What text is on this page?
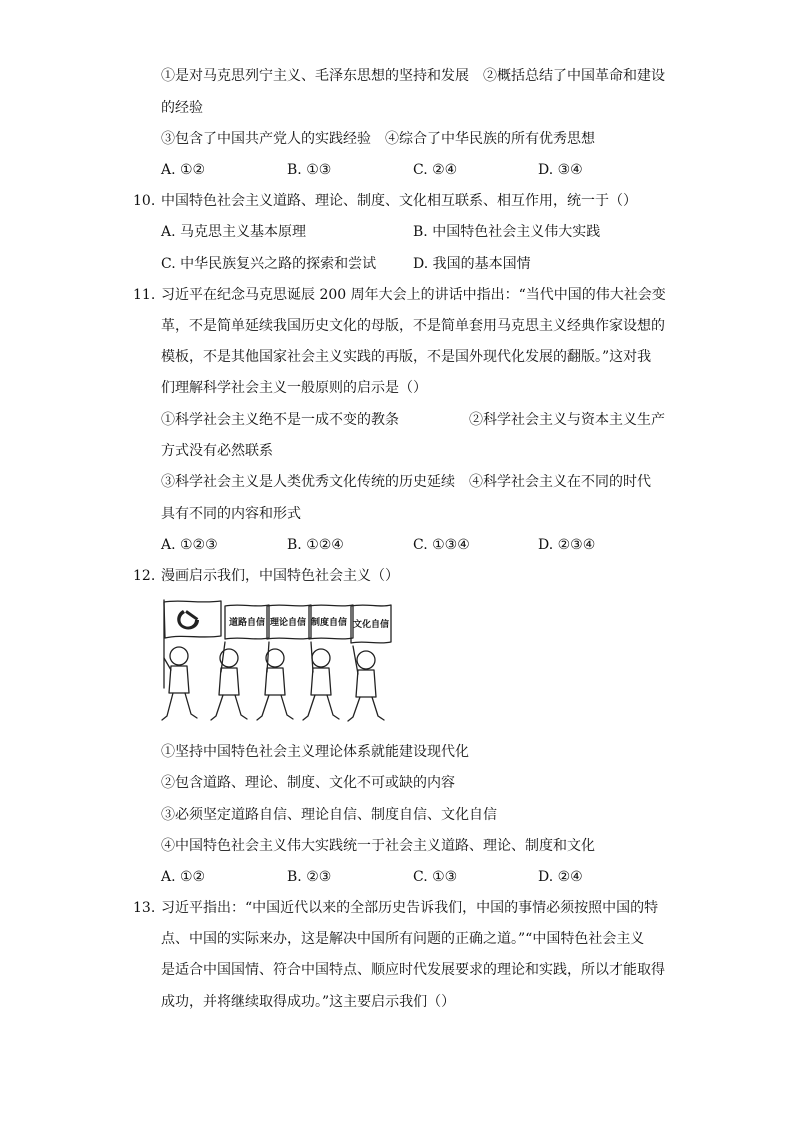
①是对马克思列宁主义、毛泽东思想的坚持和发展　②概括总结了中国革命和建设
的经验
③包含了中国共产党人的实践经验　④综合了中华民族的所有优秀思想
A. ①②	B. ①③	C. ②④	D. ③④
10. 中国特色社会主义道路、理论、制度、文化相互联系、相互作用，统一于（）
A. 马克思主义基本原理	B. 中国特色社会主义伟大实践
C. 中华民族复兴之路的探索和尝试	D. 我国的基本国情
11. 习近平在纪念马克思诞辰 200 周年大会上的讲话中指出：“当代中国的伟大社会变
革，不是简单延续我国历史文化的母版，不是简单套用马克思主义经典作家设想的
模板，不是其他国家社会主义实践的再版，不是国外现代化发展的翻版。”这对我
们理解科学社会主义一般原则的启示是（）
①科学社会主义绝不是一成不变的教条　　　　　②科学社会主义与资本主义生产
方式没有必然联系
③科学社会主义是人类优秀文化传统的历史延续　④科学社会主义在不同的时代
具有不同的内容和形式
A. ①②③	B. ①②④	C. ①③④	D. ②③④
12. 漫画启示我们，中国特色社会主义（）
道路自信 理论自信 制度自信 文化自信
①坚持中国特色社会主义理论体系就能建设现代化
②包含道路、理论、制度、文化不可或缺的内容
③必须坚定道路自信、理论自信、制度自信、文化自信
④中国特色社会主义伟大实践统一于社会主义道路、理论、制度和文化
A. ①②	B. ②③	C. ①③	D. ②④
13. 习近平指出：“中国近代以来的全部历史告诉我们，中国的事情必须按照中国的特
点、中国的实际来办，这是解决中国所有问题的正确之道。”“中国特色社会主义
是适合中国国情、符合中国特点、顺应时代发展要求的理论和实践，所以才能取得
成功，并将继续取得成功。”这主要启示我们（）
